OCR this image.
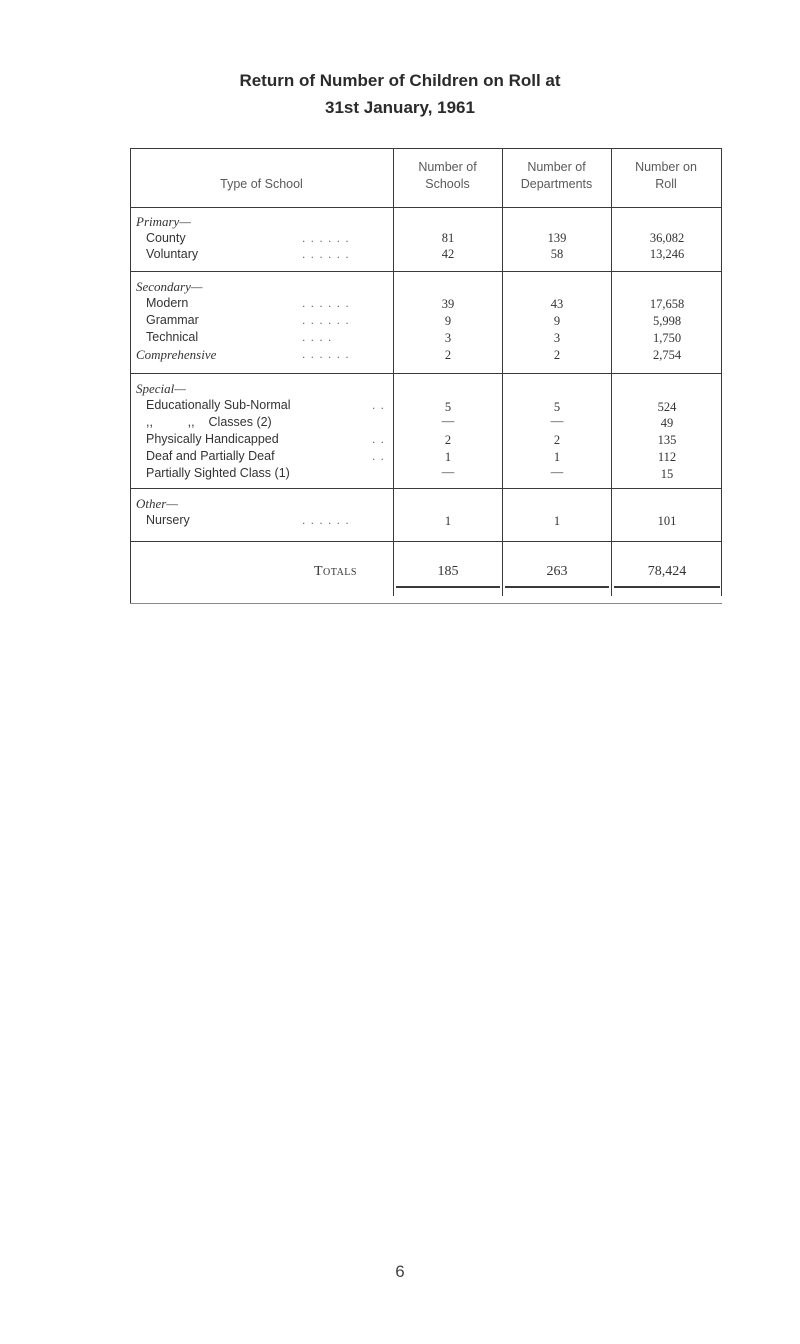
Return of Number of Children on Roll at
31st January, 1961
Type of School
Number of
Schools
Number of
Departments
Number on
Roll
Primary—
County	. . . . . .	81	139	36,082
Voluntary	. . . . . .	42	58	13,246
Secondary—
Modern	. . . . . .	39	43	17,658
Grammar	. . . . . .	9	9	5,998
Technical	. . . .	3	3	1,750
Comprehensive	. . . . . .	2	2	2,754
Special—
Educationally Sub-Normal	. .	5	5	524
,,          ,,    Classes (2)	—	—	49
Physically Handicapped	. .	2	2	135
Deaf and Partially Deaf	. .	1	1	112
Partially Sighted Class (1)	—	—	15
Other—
Nursery	. . . . . .	1	1	101
Totals	185	263	78,424
6
